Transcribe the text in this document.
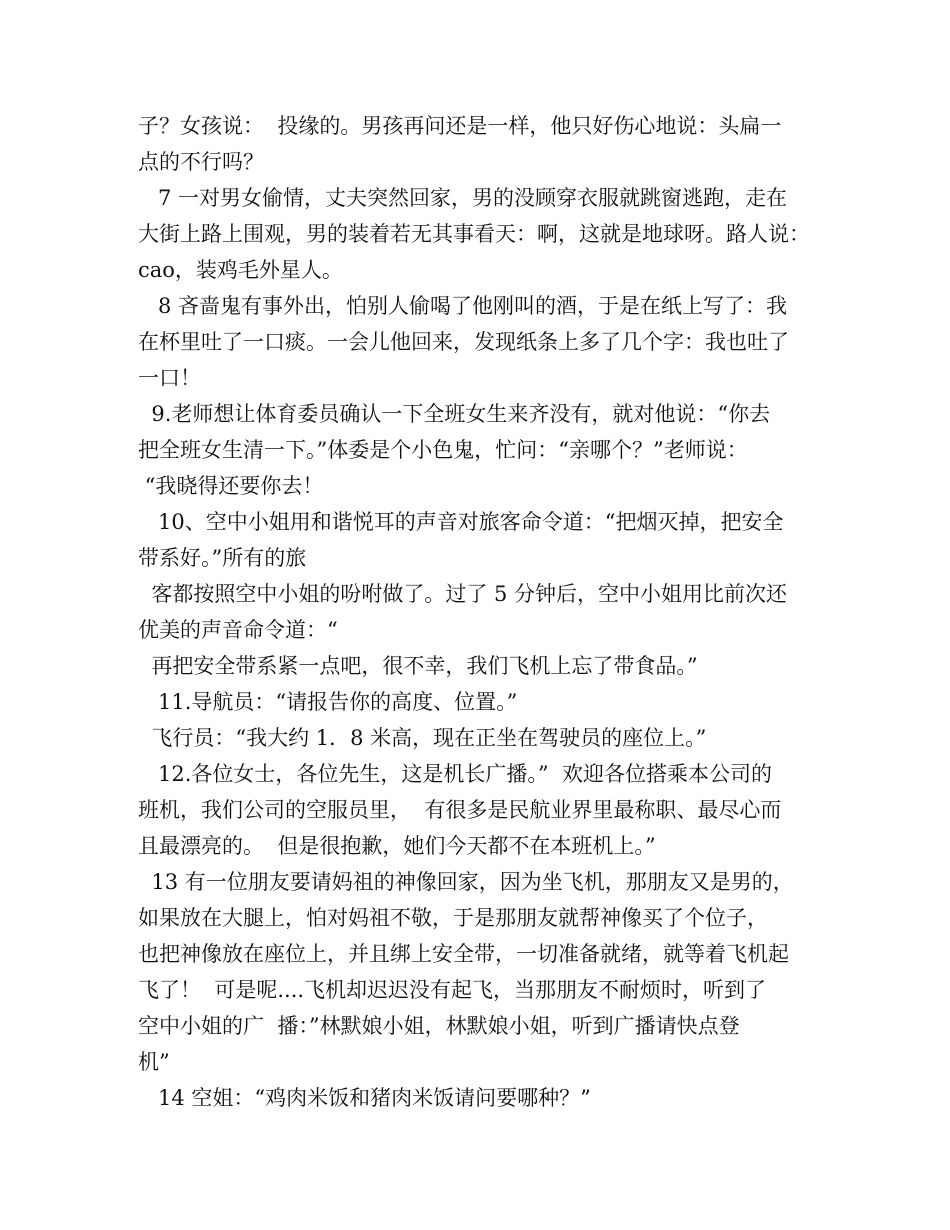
子？女孩说：  投缘的。男孩再问还是一样，他只好伤心地说：头扁一
点的不行吗？
7 一对男女偷情，丈夫突然回家，男的没顾穿衣服就跳窗逃跑，走在
大街上路上围观，男的装着若无其事看天：啊，这就是地球呀。路人说：
cao，装鸡毛外星人。
8 吝啬鬼有事外出，怕别人偷喝了他刚叫的酒，于是在纸上写了：我
在杯里吐了一口痰。一会儿他回来，发现纸条上多了几个字：我也吐了
一口！
9.老师想让体育委员确认一下全班女生来齐没有，就对他说：“你去
把全班女生清一下。”体委是个小色鬼，忙问：“亲哪个？”老师说：
“我晓得还要你去！
10、空中小姐用和谐悦耳的声音对旅客命令道：“把烟灭掉，把安全
带系好。”所有的旅
客都按照空中小姐的吩咐做了。过了 5 分钟后，空中小姐用比前次还
优美的声音命令道：“
再把安全带系紧一点吧，很不幸，我们飞机上忘了带食品。”
11.导航员：“请报告你的高度、位置。”
飞行员：“我大约 1．8 米高，现在正坐在驾驶员的座位上。”
12.各位女士，各位先生，这是机长广播。”  欢迎各位搭乘本公司的
班机，我们公司的空服员里，  有很多是民航业界里最称职、最尽心而
且最漂亮的。  但是很抱歉，她们今天都不在本班机上。”
13 有一位朋友要请妈祖的神像回家，因为坐飞机，那朋友又是男的，
如果放在大腿上，怕对妈祖不敬，于是那朋友就帮神像买了个位子，
也把神像放在座位上，并且绑上安全带，一切准备就绪，就等着飞机起
飞了！  可是呢....飞机却迟迟没有起飞，当那朋友不耐烦时，听到了
空中小姐的广  播：”林默娘小姐，林默娘小姐，听到广播请快点登
机”
14 空姐：“鸡肉米饭和猪肉米饭请问要哪种？”
